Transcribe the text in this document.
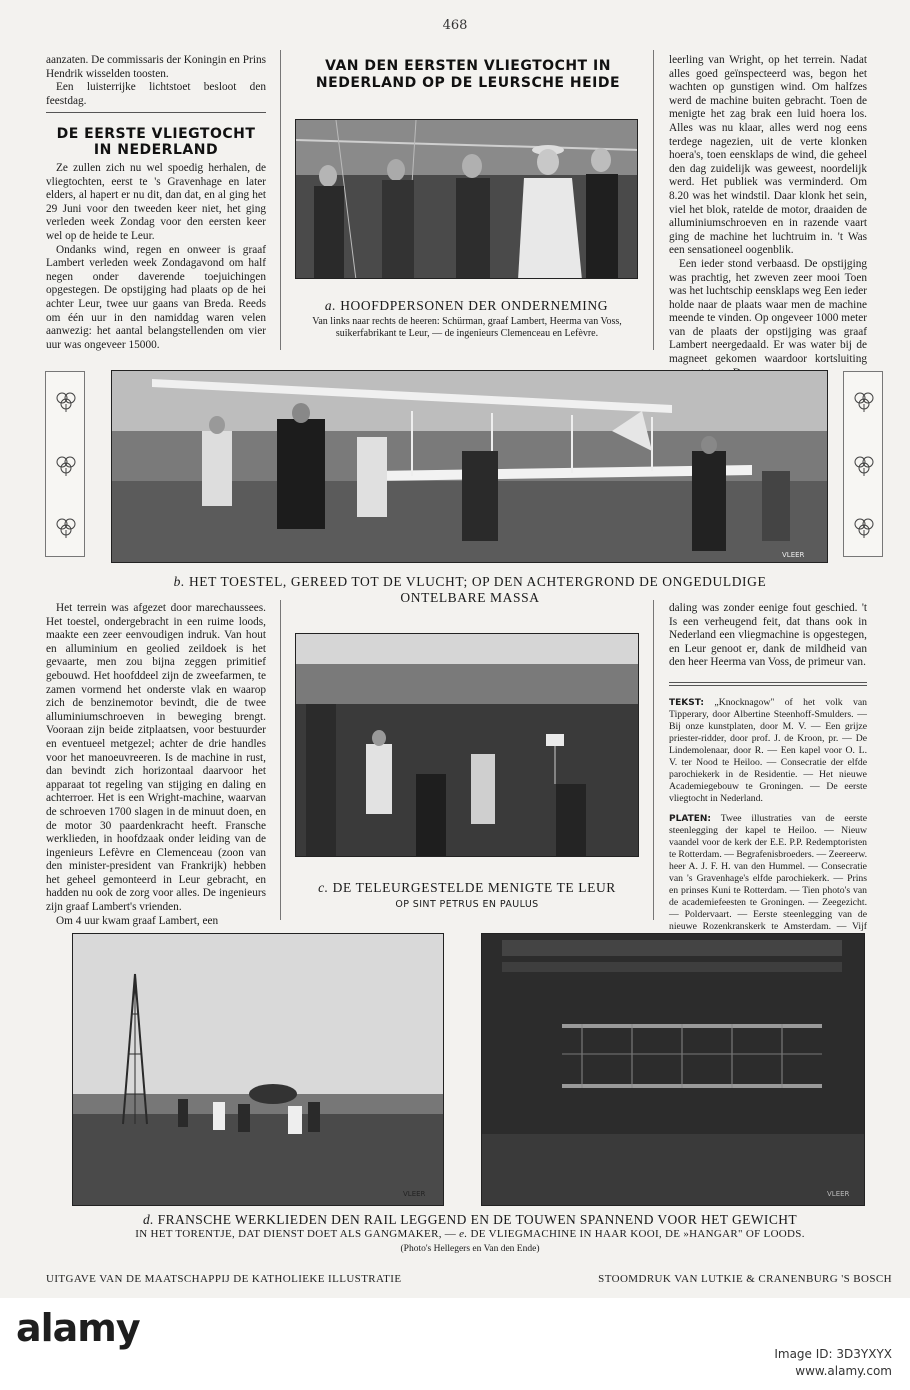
468

aanzaten. De commissaris der Koningin en Prins Hendrik wisselden toosten.

Een luisterrijke lichtstoet besloot den feestdag.

DE EERSTE VLIEGTOCHT IN NEDERLAND

Ze zullen zich nu wel spoedig herhalen, de vliegtochten, eerst te 's Gravenhage en later elders, al hapert er nu dit, dan dat, en al ging het 29 Juni voor den tweeden keer niet, het ging verleden week Zondag voor den eersten keer wel op de heide te Leur.

Ondanks wind, regen en onweer is graaf Lambert verleden week Zondagavond om half negen onder daverende toejuichingen opgestegen. De opstijging had plaats op de hei achter Leur, twee uur gaans van Breda. Reeds om één uur in den namiddag waren velen aanwezig: het aantal belangstellenden om vier uur was ongeveer 15000.

VAN DEN EERSTEN VLIEGTOCHT IN NEDERLAND OP DE LEURSCHE HEIDE
a. HOOFDPERSONEN DER ONDERNEMING
Van links naar rechts de heeren: Schürman, graaf Lambert, Heerma van Voss, suikerfabrikant te Leur, — de ingenieurs Clemenceau en Lefèvre.

leerling van Wright, op het terrein. Nadat alles goed geïnspecteerd was, begon het wachten op gunstigen wind. Om halfzes werd de machine buiten gebracht. Toen de menigte het zag brak een luid hoera los. Alles was nu klaar, alles werd nog eens terdege nagezien, uit de verte klonken hoera's, toen eensklaps de wind, die geheel den dag zuidelijk was geweest, noordelijk werd. Het publiek was verminderd. Om 8.20 was het windstil. Daar klonk het sein, viel het blok, ratelde de motor, draaiden de alluminiumschroeven en in razende vaart ging de machine het luchtruim in. 't Was een sensationeel oogenblik.

Een ieder stond verbaasd. De opstijging was prachtig, het zweven zeer mooi Toen was het luchtschip eensklaps weg Een ieder holde naar de plaats waar men de machine meende te vinden. Op ongeveer 1000 meter van de plaats der opstijging was graaf Lambert neergedaald. Er was water bij de magneet gekomen waardoor kortsluiting

VLEER
b. HET TOESTEL, GEREED TOT DE VLUCHT; OP DEN ACHTERGROND DE ONGEDULDIGE
ONTELBARE MASSA

Het terrein was afgezet door marechaussees. Het toestel, ondergebracht in een ruime loods, maakte een zeer eenvoudigen indruk. Van hout en alluminium en geolied zeildoek is het gevaarte, men zou bijna zeggen primitief gebouwd. Het hoofddeel zijn de zweefarmen, te zamen vormend het onderste vlak en waarop zich de benzinemotor bevindt, die de twee alluminiumschroeven in beweging brengt. Vooraan zijn beide zitplaatsen, voor bestuurder en eventueel metgezel; achter de drie handles voor het manoeuvreeren. Is de machine in rust, dan bevindt zich horizontaal daarvoor het apparaat tot regeling van stijging en daling en achterroer. Het is een Wright-machine, waarvan de schroeven 1700 slagen in de minuut doen, en de motor 30 paardenkracht heeft. Fransche werklieden, in hoofdzaak onder leiding van de ingenieurs Lefèvre en Clemenceau (zoon van den minister-president van Frankrijk) hebben het geheel gemonteerd in Leur gebracht, en hadden nu ook de zorg voor alles. De ingenieurs zijn graaf Lambert's vrienden.

Om 4 uur kwam graaf Lambert, een

c. DE TELEURGESTELDE MENIGTE TE LEUR
OP SINT PETRUS EN PAULUS

daling was zonder eenige fout geschied. 't Is een verheugend feit, dat thans ook in Nederland een vliegmachine is opgestegen, en Leur genoot er, dank de mildheid van den heer Heerma van Voss, de primeur van.

TEKST: „Knocknagow" of het volk van Tipperary, door Albertine Steenhoff-Smulders. — Bij onze kunstplaten, door M. V. — Een grijze priester-ridder, door prof. J. de Kroon, pr. — De Lindemolenaar, door R. — Een kapel voor O. L. V. ter Nood te Heiloo. — Consecratie der elfde parochiekerk in de Residentie. — Het nieuwe Academiegebouw te Groningen. — De eerste vliegtocht in Nederland.

PLATEN: Twee illustraties van de eerste steenlegging der kapel te Heiloo. — Nieuw vaandel voor de kerk der E.E. P.P. Redemptoristen te Rotterdam. — Begrafenisbroeders. — Zeereerw. heer A. J. F. H. van den Hummel. — Consecratie van 's Gravenhage's elfde parochiekerk. — Prins en prinses Kuni te Rotterdam. — Tien photo's van de academiefeesten te Groningen. — Zeegezicht. — Poldervaart. — Eerste steenlegging van de nieuwe Rozenkranskerk te Amsterdam. — Vijf

VLEER	VLEER
d. FRANSCHE WERKLIEDEN DEN RAIL LEGGEND EN DE TOUWEN SPANNEND VOOR HET GEWICHT
IN HET TORENTJE, DAT DIENST DOET ALS GANGMAKER, — e. DE VLIEGMACHINE IN HAAR KOOI, DE »HANGAR" OF LOODS.
(Photo's Hellegers en Van den Ende)
UITGAVE VAN DE MAATSCHAPPIJ DE KATHOLIEKE ILLUSTRATIE	STOOMDRUK VAN LUTKIE & CRANENBURG 'S BOSCH
alamy
Image ID: 3D3YXYX
www.alamy.com
